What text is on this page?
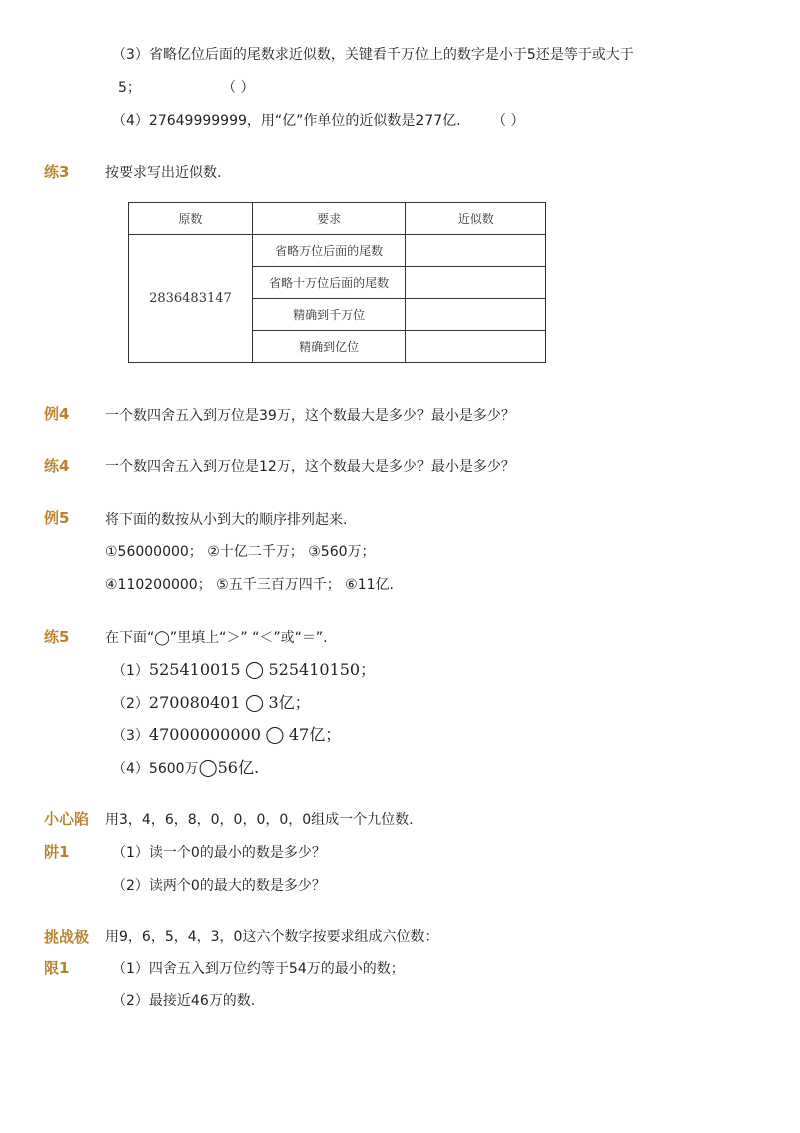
（3）省略亿位后面的尾数求近似数，关键看千万位上的数字是小于5还是等于或大于
5；	（ ）
（4）27649999999，用“亿”作单位的近似数是277亿. （ ）
练3	按要求写出近似数.
原数	要求	近似数
2836483147	省略万位后面的尾数	
	省略十万位后面的尾数	
	精确到千万位	
	精确到亿位	
例4	一个数四舍五入到万位是39万，这个数最大是多少？最小是多少？
练4	一个数四舍五入到万位是12万，这个数最大是多少？最小是多少？
例5	将下面的数按从小到大的顺序排列起来.
①56000000； ②十亿二千万； ③560万；
④110200000； ⑤五千三百万四千； ⑥11亿.
练5	在下面“◯”里填上“＞” “＜”或“＝”.
（1）525410015 ◯ 525410150；
（2）270080401 ◯ 3亿；
（3）47000000000 ◯ 47亿；
（4）5600万◯56亿.
小心陷
阱1
用3，4，6，8，0，0，0，0，0组成一个九位数.
（1）读一个0的最小的数是多少？
（2）读两个0的最大的数是多少？
挑战极
限1
用9，6，5，4，3，0这六个数字按要求组成六位数：
（1）四舍五入到万位约等于54万的最小的数；
（2）最接近46万的数.
